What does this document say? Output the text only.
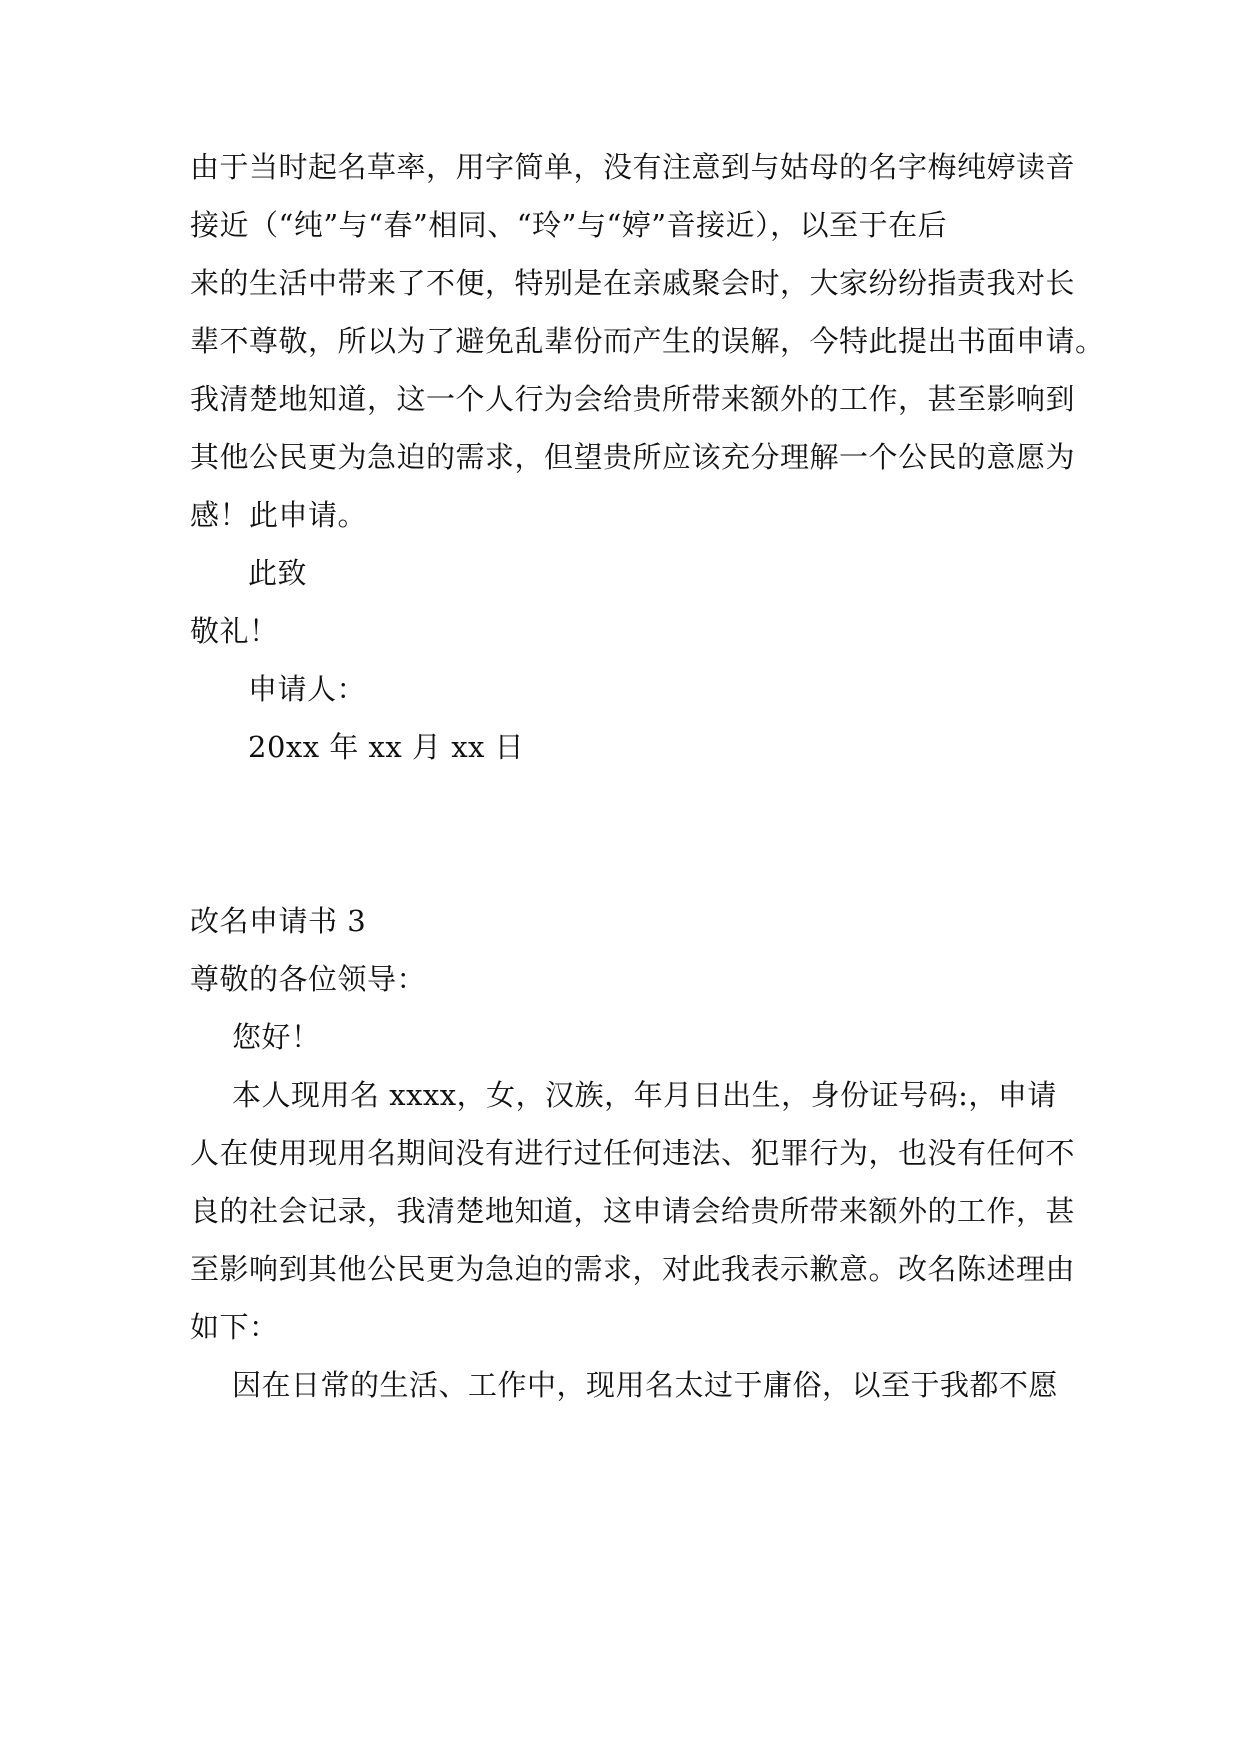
由于当时起名草率，用字简单，没有注意到与姑母的名字梅纯婷读音
接近（“纯”与“春”相同、“玲”与“婷”音接近），以至于在后
来的生活中带来了不便，特别是在亲戚聚会时，大家纷纷指责我对长
辈不尊敬，所以为了避免乱辈份而产生的误解，今特此提出书面申请。
我清楚地知道，这一个人行为会给贵所带来额外的工作，甚至影响到
其他公民更为急迫的需求，但望贵所应该充分理解一个公民的意愿为
感！此申请。
此致
敬礼！
申请人：
20xx 年 xx 月 xx 日
改名申请书 3
尊敬的各位领导：
您好！
本人现用名 xxxx，女，汉族，年月日出生，身份证号码:，申请
人在使用现用名期间没有进行过任何违法、犯罪行为，也没有任何不
良的社会记录，我清楚地知道，这申请会给贵所带来额外的工作，甚
至影响到其他公民更为急迫的需求，对此我表示歉意。改名陈述理由
如下：
因在日常的生活、工作中，现用名太过于庸俗，以至于我都不愿
